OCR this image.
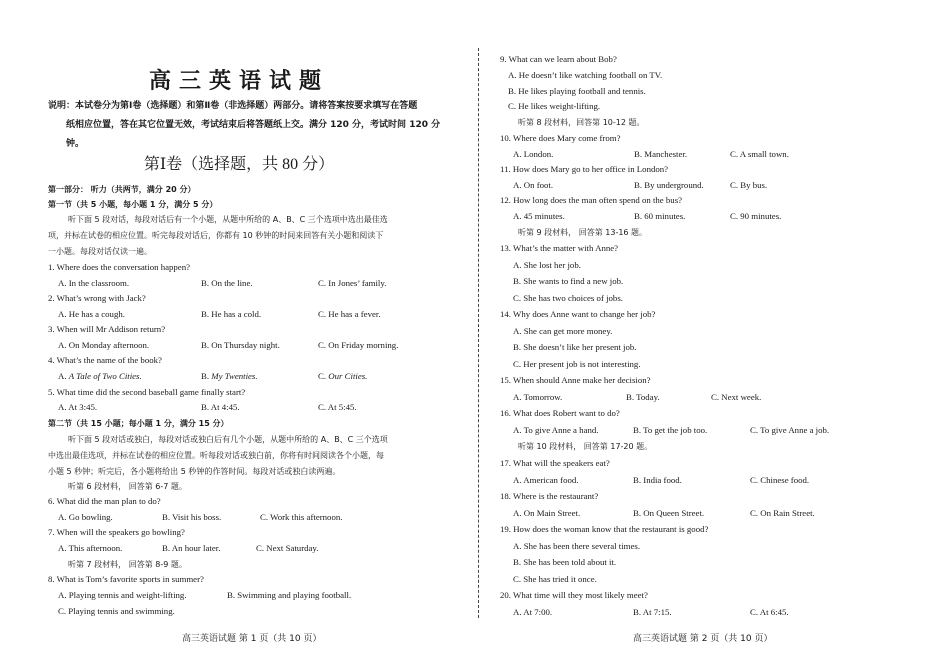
高三英语试题
说明：本试卷分为第Ⅰ卷（选择题）和第Ⅱ卷（非选择题）两部分。请将答案按要求填写在答题
纸相应位置，答在其它位置无效，考试结束后将答题纸上交。满分 120 分，考试时间 120 分
钟。
第Ⅰ卷（选择题，共 80 分）
第一部分： 听力（共两节，满分 20 分）
第一节（共 5 小题，每小题 1 分，满分 5 分）
听下面 5 段对话，每段对话后有一个小题，从题中所给的 A、B、C 三个选项中选出最佳选
项，并标在试卷的相应位置。听完每段对话后，你都有 10 秒钟的时间来回答有关小题和阅读下
一小题。每段对话仅读一遍。
1. Where does the conversation happen?
A. In the classroom.	B. On the line.	C. In Jones’ family.
2. What’s wrong with Jack?
A. He has a cough.	B. He has a cold.	C. He has a fever.
3. When will Mr Addison return?
A. On Monday afternoon.	B. On Thursday night.	C. On Friday morning.
4. What’s the name of the book?
A. A Tale of Two Cities.	B. My Twenties.	C. Our Cities.
5. What time did the second baseball game finally start?
A. At 3:45.	B. At 4:45.	C. At 5:45.
第二节（共 15 小题；每小题 1 分，满分 15 分）
听下面 5 段对话或独白，每段对话或独白后有几个小题，从题中所给的 A、B、C 三个选项
中选出最佳选项，并标在试卷的相应位置。听每段对话或独白前，你将有时间阅读各个小题，每
小题 5 秒钟；听完后，各小题将给出 5 秒钟的作答时间。每段对话或独白读两遍。
听第 6 段材料， 回答第 6-7 题。
6. What did the man plan to do?
A. Go bowling.	B. Visit his boss.	C. Work this afternoon.
7. When will the speakers go bowling?
A. This afternoon.	B. An hour later.	C. Next Saturday.
听第 7 段材料， 回答第 8-9 题。
8. What is Tom’s favorite sports in summer?
A. Playing tennis and weight-lifting.	B. Swimming and playing football.
C. Playing tennis and swimming.
高三英语试题 第 1 页（共 10 页）
9. What can we learn about Bob?
A. He doesn’t like watching football on TV.
B. He likes playing football and tennis.
C. He likes weight-lifting.
听第 8 段材料，回答第 10-12 题。
10. Where does Mary come from?
A. London.	B. Manchester.	C. A small town.
11. How does Mary go to her office in London?
A. On foot.	B. By underground.	C. By bus.
12. How long does the man often spend on the bus?
A. 45 minutes.	B. 60 minutes.	C. 90 minutes.
听第 9 段材料， 回答第 13-16 题。
13. What’s the matter with Anne?
A. She lost her job.
B. She wants to find a new job.
C. She has two choices of jobs.
14. Why does Anne want to change her job?
A. She can get more money.
B. She doesn’t like her present job.
C. Her present job is not interesting.
15. When should Anne make her decision?
A. Tomorrow.	B. Today.	C. Next week.
16. What does Robert want to do?
A. To give Anne a hand.	B. To get the job too.	C. To give Anne a job.
听第 10 段材料， 回答第 17-20 题。
17. What will the speakers eat?
A. American food.	B. India food.	C. Chinese food.
18. Where is the restaurant?
A. On Main Street.	B. On Queen Street.	C. On Rain Street.
19. How does the woman know that the restaurant is good?
A. She has been there several times.
B. She has been told about it.
C. She has tried it once.
20. What time will they most likely meet?
A. At 7:00.	B. At 7:15.	C. At 6:45.
高三英语试题 第 2 页（共 10 页）
